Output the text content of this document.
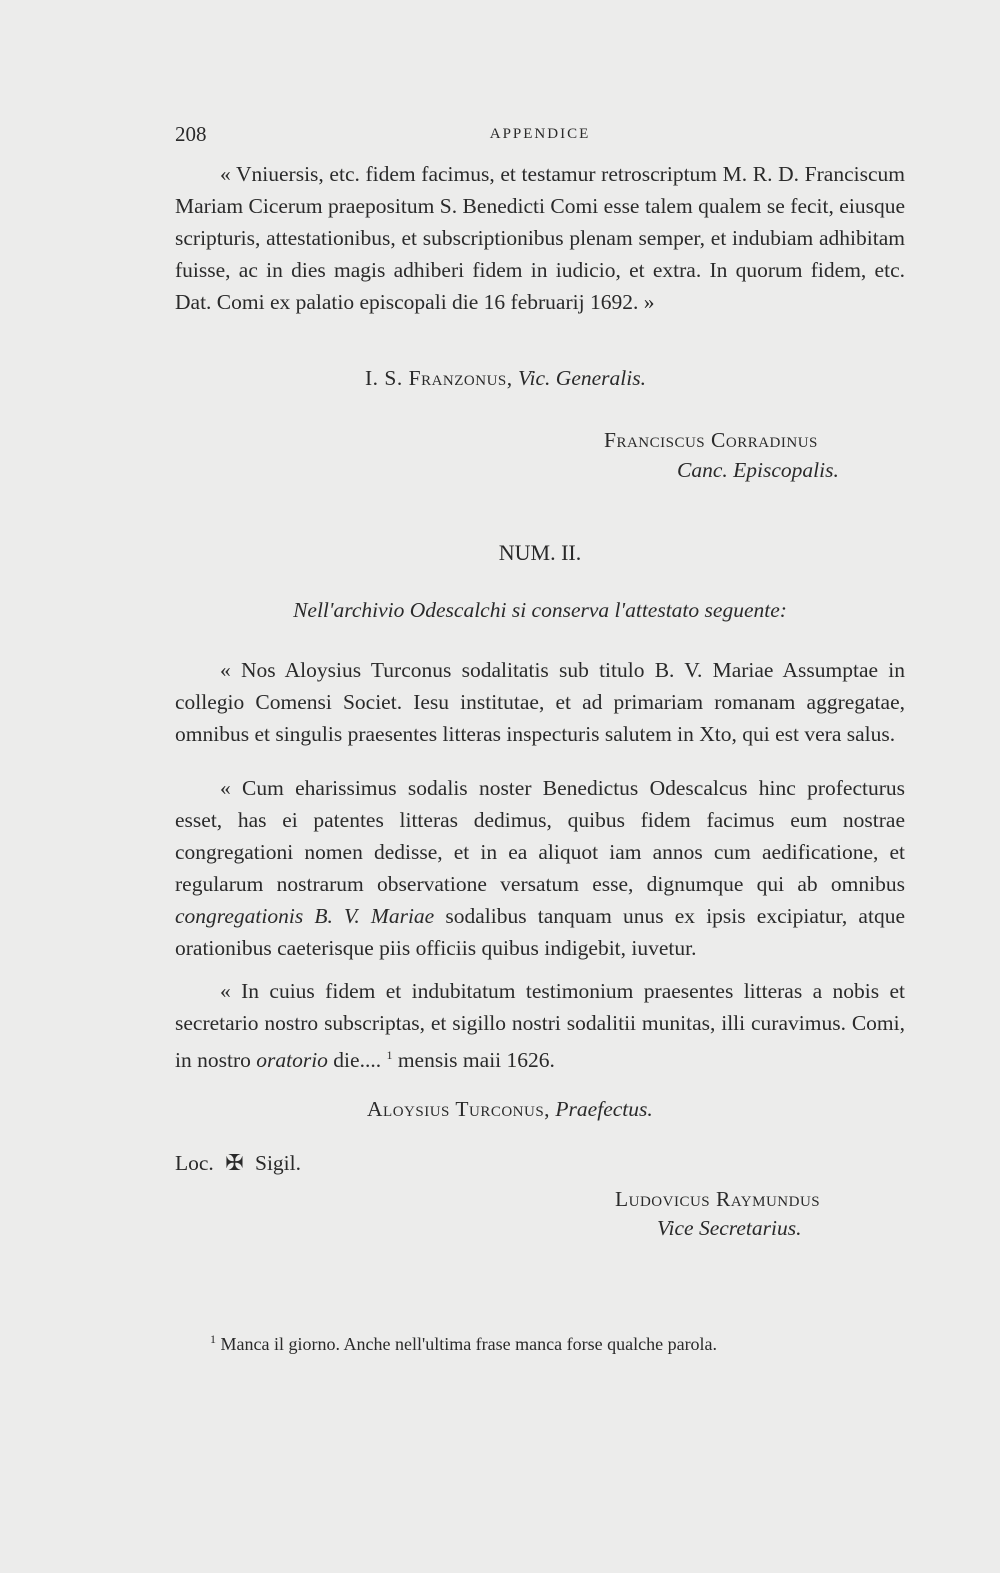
208	APPENDICE
« Vniuersis, etc. fidem facimus, et testamur retroscriptum M. R. D. Franciscum Mariam Cicerum praepositum S. Benedicti Comi esse talem qualem se fecit, eiusque scripturis, attestationibus, et subscriptionibus plenam semper, et indubiam adhibitam fuisse, ac in dies magis adhiberi fidem in iudicio, et extra. In quorum fidem, etc. Dat. Comi ex palatio episcopali die 16 februarij 1692. »
I. S. Franzonus, Vic. Generalis.
Franciscus Corradinus
Canc. Episcopalis.
NUM. II.
Nell'archivio Odescalchi si conserva l'attestato seguente:
« Nos Aloysius Turconus sodalitatis sub titulo B. V. Mariae Assumptae in collegio Comensi Societ. Iesu institutae, et ad primariam romanam aggregatae, omnibus et singulis praesentes litteras inspecturis salutem in Xto, qui est vera salus.
« Cum eharissimus sodalis noster Benedictus Odescalcus hinc profecturus esset, has ei patentes litteras dedimus, quibus fidem facimus eum nostrae congregationi nomen dedisse, et in ea aliquot iam annos cum aedificatione, et regularum nostrarum observatione versatum esse, dignumque qui ab omnibus congregationis B. V. Mariae sodalibus tanquam unus ex ipsis excipiatur, atque orationibus caeterisque piis officiis quibus indigebit, iuvetur.
« In cuius fidem et indubitatum testimonium praesentes litteras a nobis et secretario nostro subscriptas, et sigillo nostri sodalitii munitas, illi curavimus. Comi, in nostro oratorio die.... $^1$ mensis maii 1626.
Aloysius Turconus, Praefectus.
Loc. ✠ Sigil.
Ludovicus Raymundus
Vice Secretarius.
$^1$ Manca il giorno. Anche nell'ultima frase manca forse qualche parola.
